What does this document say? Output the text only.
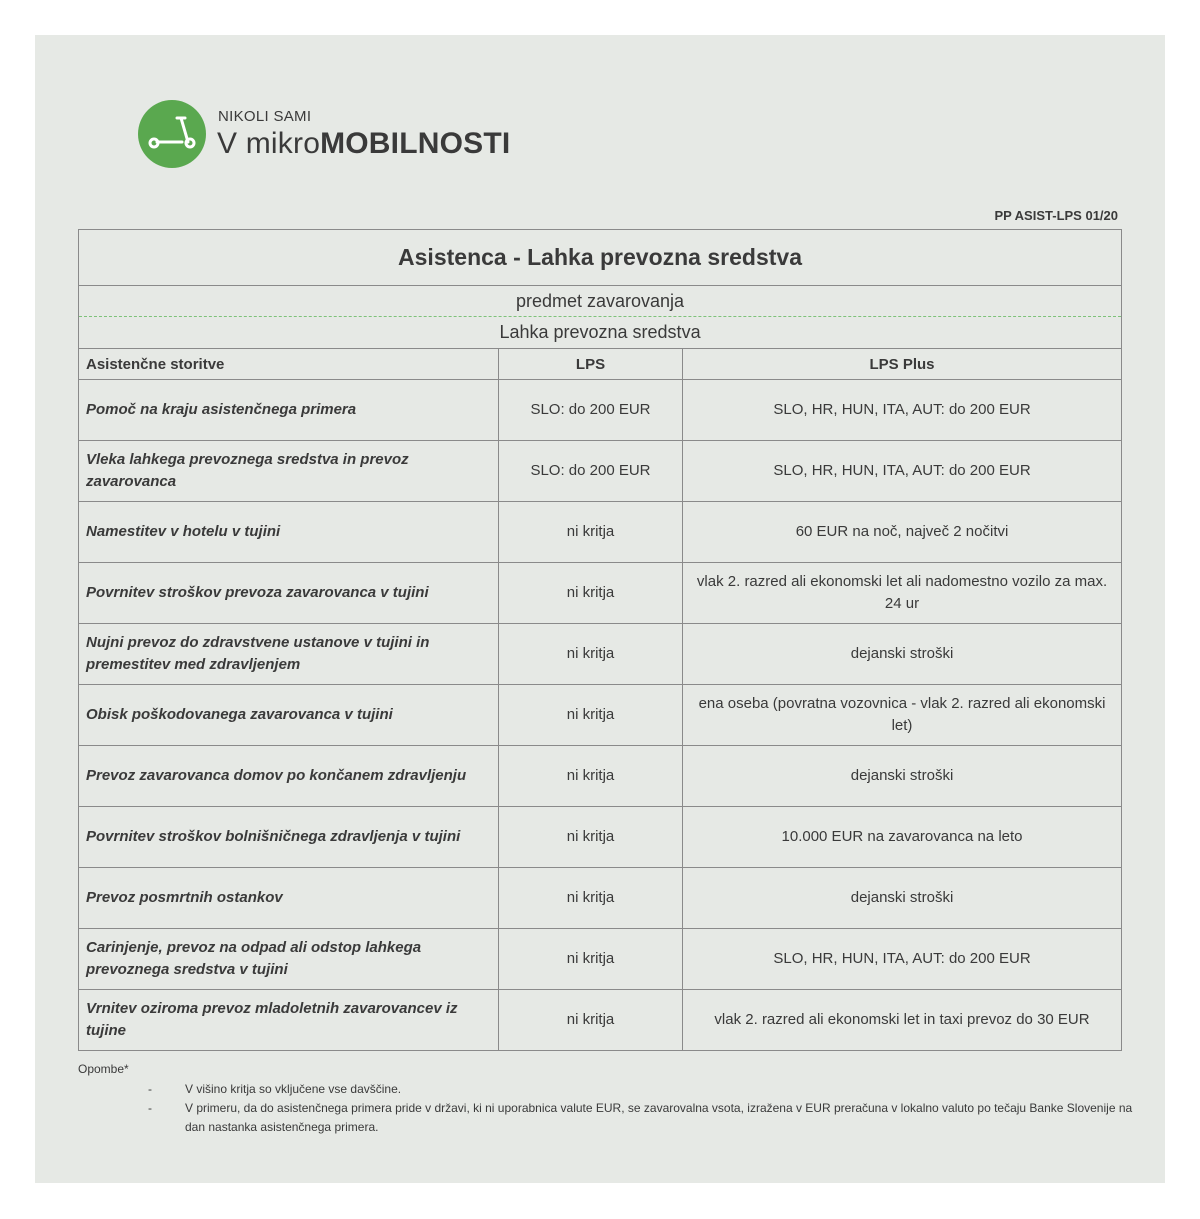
NIKOLI SAMI
V mikroMOBILNOSTI
PP ASIST-LPS 01/20
Asistenca - Lahka prevozna sredstva		

predmet zavarovanja
Lahka prevozna sredstva		

Asistenčne storitve	LPS	LPS Plus
Pomoč na kraju asistenčnega primera	SLO: do 200 EUR	SLO, HR, HUN, ITA, AUT: do 200 EUR
Vleka lahkega prevoznega sredstva in prevoz zavarovanca	SLO: do 200 EUR	SLO, HR, HUN, ITA, AUT: do 200 EUR
Namestitev v hotelu v tujini	ni kritja	60 EUR na noč, največ 2 nočitvi
Povrnitev stroškov prevoza zavarovanca v tujini	ni kritja	vlak 2. razred ali ekonomski let ali nadomestno vozilo za max. 24 ur
Nujni prevoz do zdravstvene ustanove v tujini in premestitev med zdravljenjem	ni kritja	dejanski stroški
Obisk poškodovanega zavarovanca v tujini	ni kritja	ena oseba (povratna vozovnica - vlak 2. razred ali ekonomski let)
Prevoz zavarovanca domov po končanem zdravljenju	ni kritja	dejanski stroški
Povrnitev stroškov bolnišničnega zdravljenja v tujini	ni kritja	10.000 EUR na zavarovanca na leto
Prevoz posmrtnih ostankov	ni kritja	dejanski stroški
Carinjenje, prevoz na odpad ali odstop lahkega prevoznega sredstva v tujini	ni kritja	SLO, HR, HUN, ITA, AUT: do 200 EUR
Vrnitev oziroma prevoz mladoletnih zavarovancev iz tujine	ni kritja	vlak 2. razred ali ekonomski let in taxi prevoz do 30 EUR
Opombe*
-	V višino kritja so vključene vse davščine.
-	V primeru, da do asistenčnega primera pride v državi, ki ni uporabnica valute EUR, se zavarovalna vsota, izražena v EUR preračuna v lokalno valuto po tečaju Banke Slovenije na dan nastanka asistenčnega primera.
